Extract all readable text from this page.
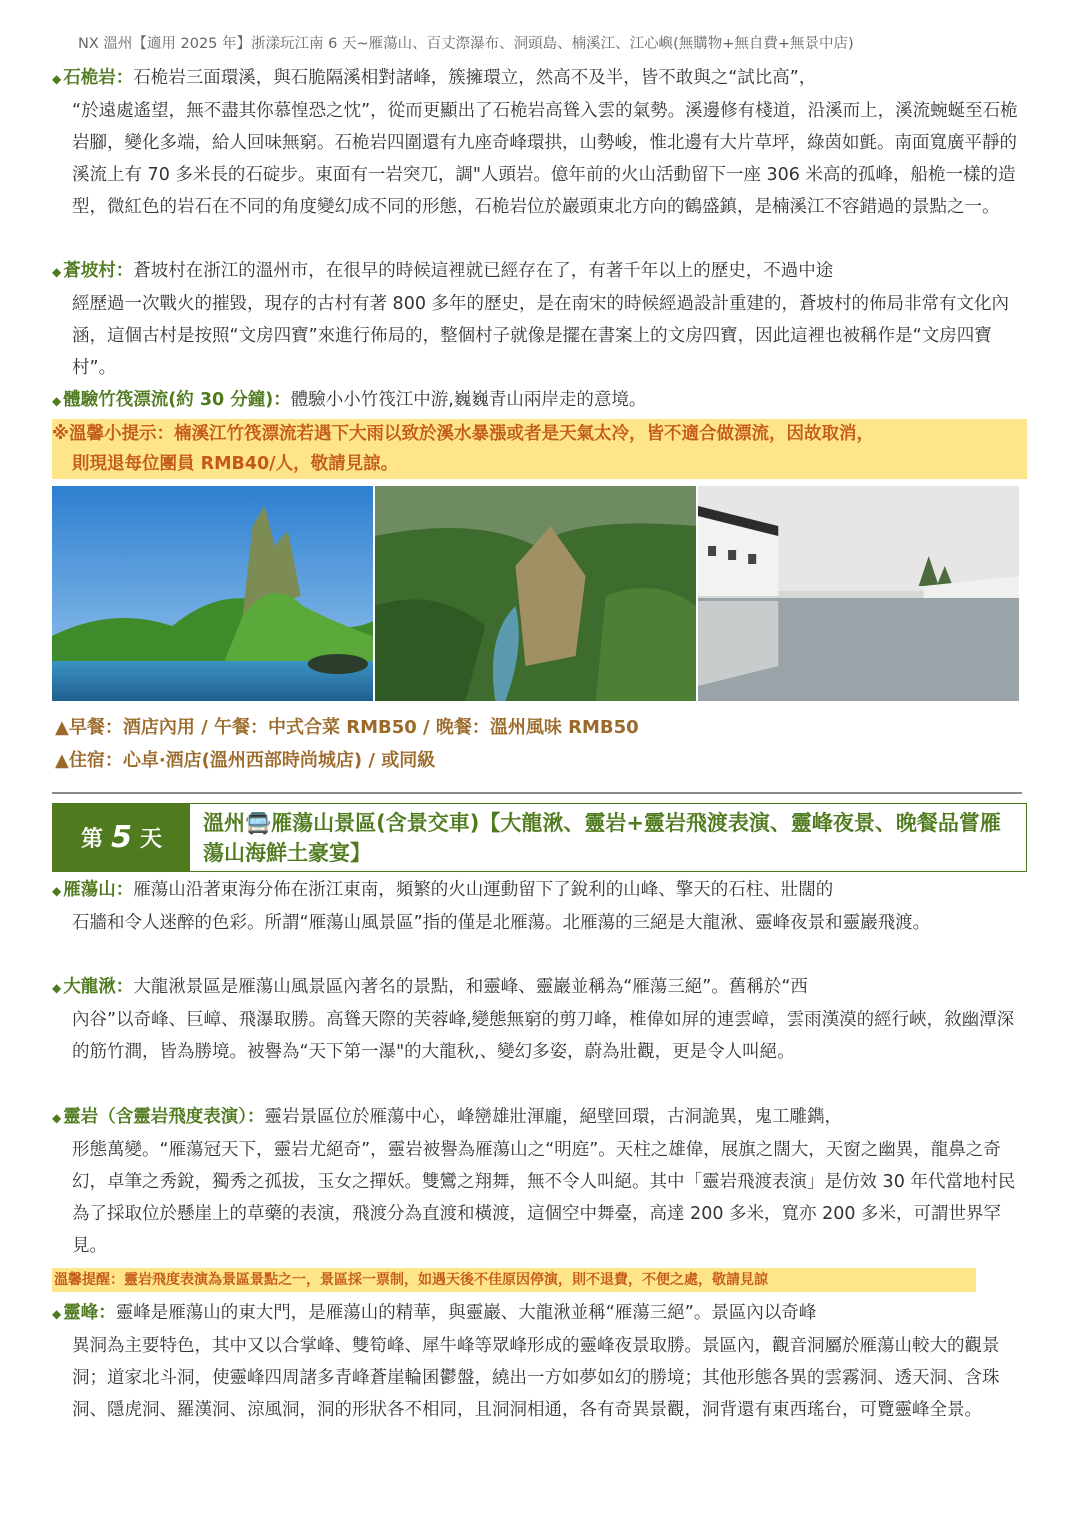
NX 溫州【適用 2025 年】浙漾玩江南 6 天~雁蕩山、百丈漈瀑布、洞頭島、楠溪江、江心嶼(無購物+無自費+無景中店)
◆ 石桅岩：石桅岩三面環溪，與石脆隔溪相對諸峰，簇擁環立，然高不及半，皆不敢與之“試比高”，
“於遠處遙望，無不盡其你慕惶恐之忱”，從而更顯出了石桅岩高聳入雲的氣勢。溪邊修有棧道，沿溪而上，溪流蜿蜒至石桅岩腳，變化多端，給人回味無窮。石桅岩四圍還有九座奇峰環拱，山勢峻，惟北邊有大片草坪，綠茵如氈。南面寬廣平靜的溪流上有 70 多米長的石碇步。東面有一岩突兀，調"人頭岩。億年前的火山活動留下一座 306 米高的孤峰，船桅一樣的造型，微紅色的岩石在不同的角度變幻成不同的形態，石桅岩位於巖頭東北方向的鶴盛鎮，是楠溪江不容錯過的景點之一。
◆ 蒼坡村：蒼坡村在浙江的溫州市，在很早的時候這裡就已經存在了，有著千年以上的歷史，不過中途
經歷過一次戰火的摧毀，現存的古村有著 800 多年的歷史，是在南宋的時候經過設計重建的，蒼坡村的佈局非常有文化內涵，這個古村是按照“文房四寶”來進行佈局的，整個村子就像是擺在書案上的文房四寶，因此這裡也被稱作是“文房四寶村”。
◆ 體驗竹筏漂流(約 30 分鐘)：體驗小小竹筏江中游,巍巍青山兩岸走的意境。
※溫馨小提示：楠溪江竹筏漂流若遇下大雨以致於溪水暴漲或者是天氣太冷，皆不適合做漂流，因故取消，
則現退每位團員 RMB40/人，敬請見諒。
▲早餐：酒店內用 / 午餐：中式合菜 RMB50 / 晚餐：溫州風味 RMB50
▲住宿：心卓·酒店(溫州西部時尚城店) / 或同級
第 5 天
溫州🚍雁蕩山景區(含景交車)【大龍湫、靈岩+靈岩飛渡表演、靈峰夜景、晚餐品嘗雁蕩山海鮮土豪宴】
◆ 雁蕩山：雁蕩山沿著東海分佈在浙江東南，頻繁的火山運動留下了銳利的山峰、擎天的石柱、壯闊的
石牆和令人迷醉的色彩。所謂“雁蕩山風景區”指的僅是北雁蕩。北雁蕩的三絕是大龍湫、靈峰夜景和靈巖飛渡。
◆ 大龍湫：大龍湫景區是雁蕩山風景區內著名的景點，和靈峰、靈巖並稱為“雁蕩三絕”。舊稱於“西
內谷”以奇峰、巨嶂、飛瀑取勝。高聳天際的芙蓉峰,變態無窮的剪刀峰，椎偉如屏的連雲嶂，雲雨漢漠的經行峽，敘幽潭深的筋竹澗，皆為勝境。被譽為“天下第一瀑"的大龍秋,、變幻多姿，蔚為壯觀，更是令人叫絕。
◆ 靈岩（含靈岩飛度表演）：靈岩景區位於雁蕩中心，峰巒雄壯渾龐，絕壁回環，古洞詭異，鬼工雕鐫，
形態萬變。“雁蕩冠天下，靈岩尤絕奇”，靈岩被譽為雁蕩山之“明庭”。天柱之雄偉，展旗之闊大，天窗之幽異，龍鼻之奇幻，卓筆之秀銳，獨秀之孤拔，玉女之撣妖。雙鸞之翔舞，無不令人叫絕。其中「靈岩飛渡表演」是仿效 30 年代當地村民為了採取位於懸崖上的草藥的表演，飛渡分為直渡和橫渡，這個空中舞臺，高達 200 多米，寬亦 200 多米，可謂世界罕見。
溫馨提醒：靈岩飛度表演為景區景點之一，景區採一票制，如遇天後不佳原因停演，則不退費，不便之處，敬請見諒
◆ 靈峰：靈峰是雁蕩山的東大門，是雁蕩山的精華，與靈巖、大龍湫並稱“雁蕩三絕”。景區內以奇峰
異洞為主要特色，其中又以合掌峰、雙筍峰、犀牛峰等眾峰形成的靈峰夜景取勝。景區內，觀音洞屬於雁蕩山較大的觀景洞；道家北斗洞，使靈峰四周諸多青峰蒼崖輪囷鬱盤，繞出一方如夢如幻的勝境；其他形態各異的雲霧洞、透天洞、含珠洞、隱虎洞、羅漢洞、涼風洞，洞的形狀各不相同，且洞洞相通，各有奇異景觀，洞背還有東西瑤台，可覽靈峰全景。
